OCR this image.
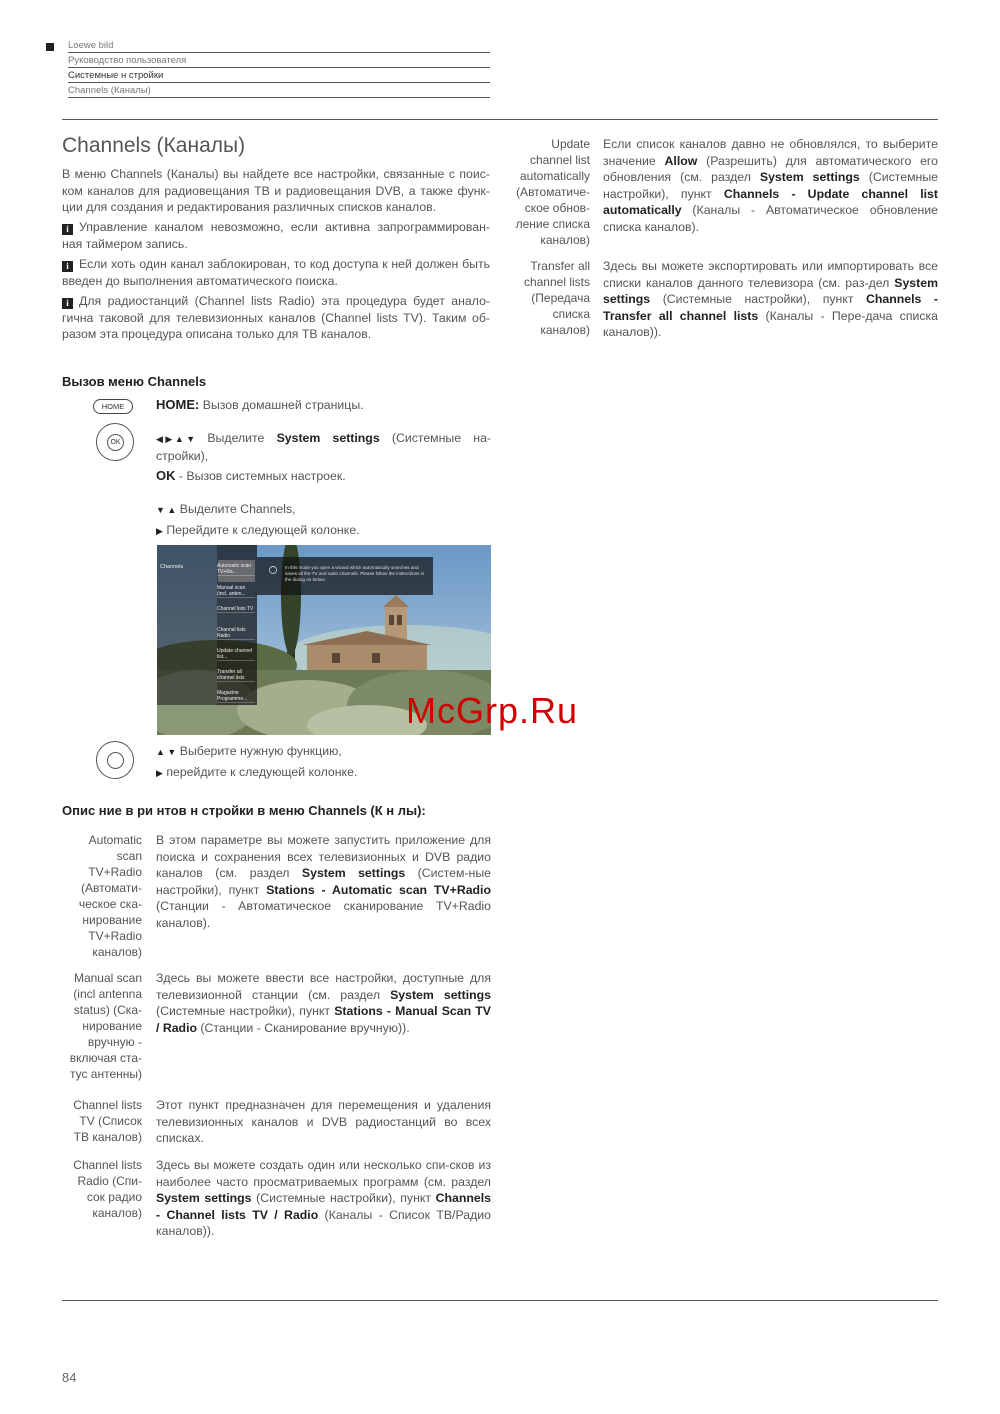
Loewe bild
Руководство пользователя
Системные н стройки
Channels (Каналы)
Channels (Каналы)
В меню Channels (Каналы) вы найдете все настройки, связанные с поис-ком каналов для радиовещания ТВ и радиовещания DVB, а также функ-ции для создания и редактирования различных списков каналов.
i Управление каналом невозможно, если активна запрограммирован-ная таймером запись.
i Если хоть один канал заблокирован, то код доступа к ней должен быть введен до выполнения автоматического поиска.
i Для радиостанций (Channel lists Radio) эта процедура будет анало-гична таковой для телевизионных каналов (Channel lists TV). Таким об-разом эта процедура описана только для ТВ каналов.
Вызов меню Channels
HOME	HOME: Вызов домашней страницы.
OK	◀ ▶ ▲ ▼ Выделите System settings (Системные на-стройки),
OK - Вызов системных настроек.
▼ ▲ Выделите Channels,
▶ Перейдите к следующей колонке.
Channels	Automatic scan TV+Ra...
Manual scan (incl. anten...
Channel lists TV
Channel lists Radio
Update channel list...
Transfer all channel lists
Magazine Programme...
In this mode you open a wizard which automatically searches and saves all the TV and radio channels. Please follow the instructions in the dialog on below.
▲ ▼ Выберите нужную функцию,
▶ перейдите к следующей колонке.
McGrp.Ru
Опис ние в ри нтов н стройки в меню Channels (К н лы):
Automatic scan TV+Radio (Автомати-ческое ска-нирование TV+Radio каналов)
В этом параметре вы можете запустить приложение для поиска и сохранения всех телевизионных и DVB радио каналов (см. раздел System settings (Систем-ные настройки), пункт Stations - Automatic scan TV+Radio (Станции - Автоматическое сканирование TV+Radio каналов).
Manual scan (incl antenna status) (Ска-нирование вручную - включая ста-тус антенны)
Здесь вы можете ввести все настройки, доступные для телевизионной станции (см. раздел System settings (Системные настройки), пункт Stations - Manual Scan TV / Radio (Станции - Сканирование вручную)).
Channel lists TV (Список ТВ каналов)
Этот пункт предназначен для перемещения и удаления телевизионных каналов и DVB радиостанций во всех списках.
Channel lists Radio (Спи-сок радио каналов)
Здесь вы можете создать один или несколько спи-сков из наиболее часто просматриваемых программ (см. раздел System settings (Системные настройки), пункт Channels - Channel lists TV / Radio (Каналы - Список ТВ/Радио каналов)).
Update channel list automatically (Автоматиче-ское обнов-ление списка каналов)
Если список каналов давно не обновлялся, то выберите значение Allow (Разрешить) для автоматического его обновления (см. раздел System settings (Системные настройки), пункт Channels - Update channel list automatically (Каналы - Автоматическое обновление списка каналов).
Transfer all channel lists (Передача списка каналов)
Здесь вы можете экспортировать или импортировать все списки каналов данного телевизора (см. раз-дел System settings (Системные настройки), пункт Channels - Transfer all channel lists (Каналы - Пере-дача списка каналов)).
84
